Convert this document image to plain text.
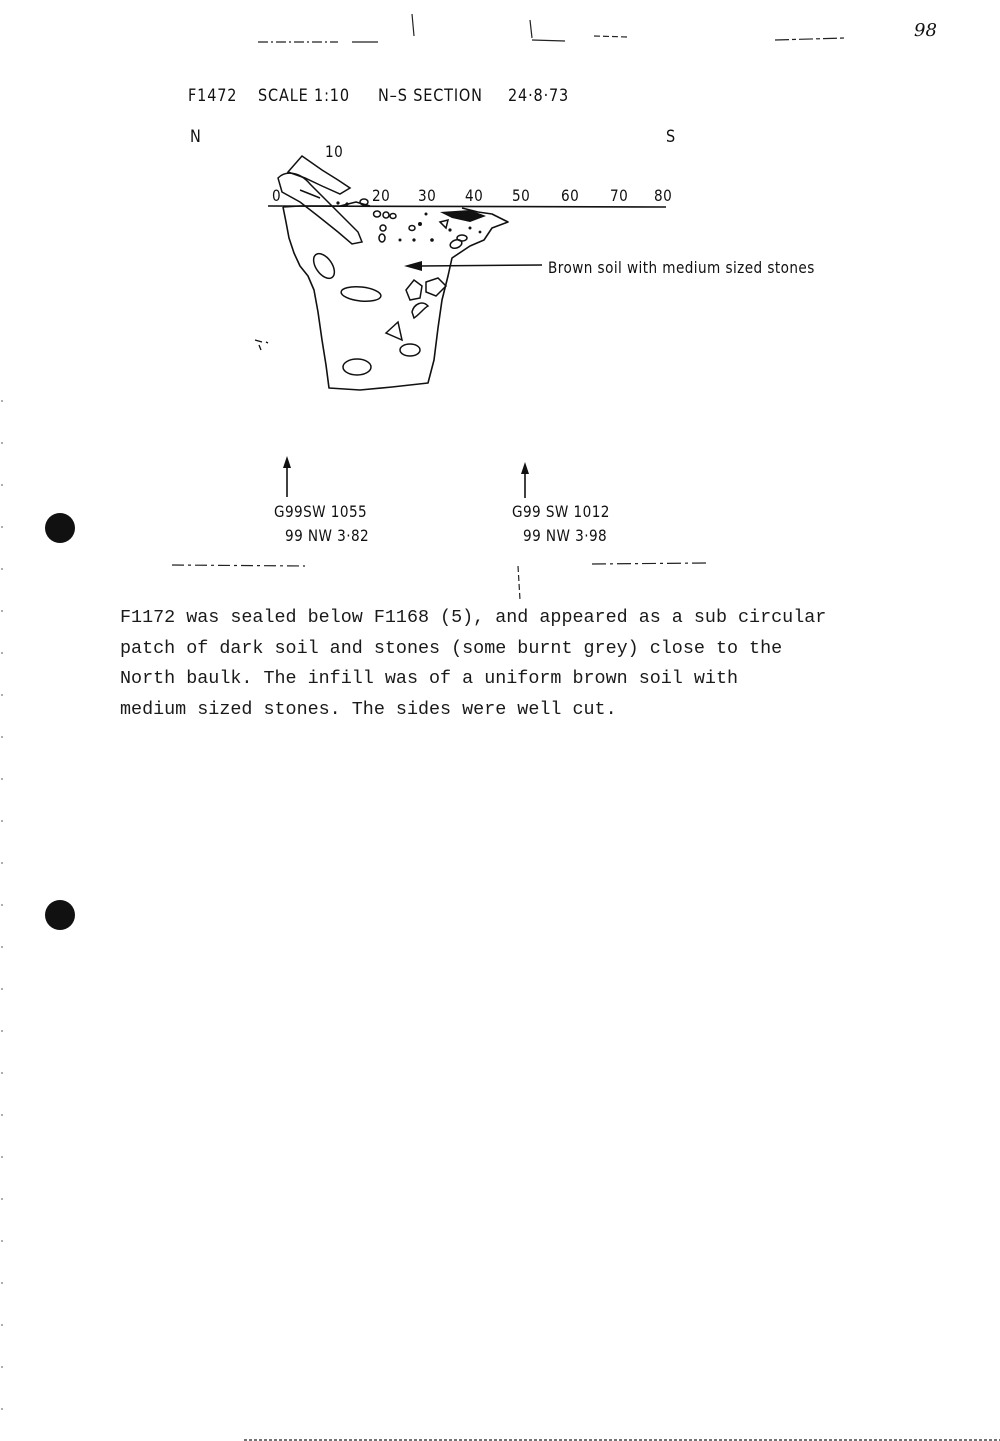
98
F1472 SCALE 1:10 N–S SECTION 24·8·73
N	S
10
0	20 30 40 50 60 70 80
Brown soil with medium sized stones
G99SW 1055
99 NW 3·82
G99 SW 1012
99 NW 3·98
F1172 was sealed below F1168 (5), and appeared as a sub circular
patch of dark soil and stones (some burnt grey) close to the
North baulk. The infill was of a uniform brown soil with
medium sized stones. The sides were well cut.
